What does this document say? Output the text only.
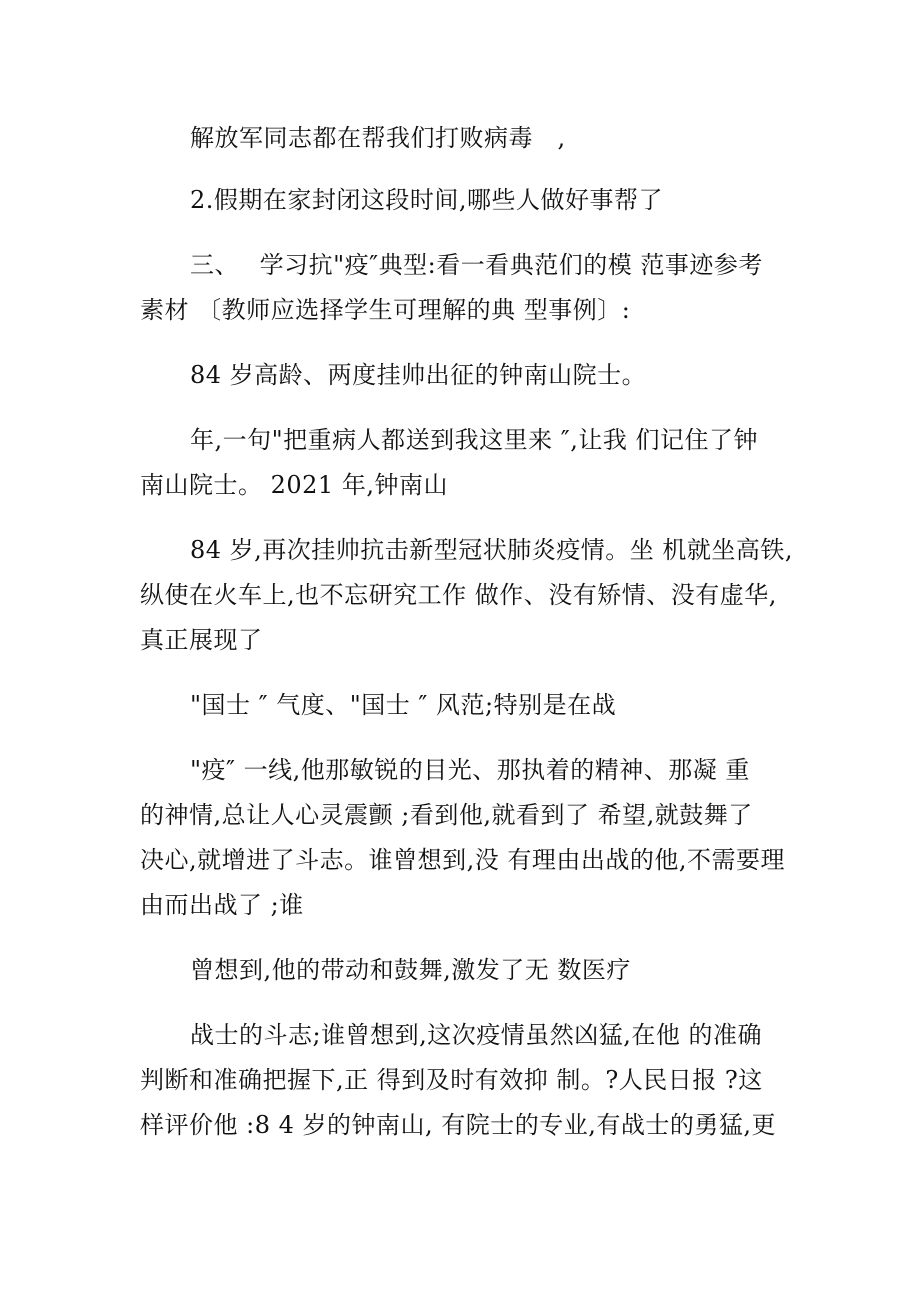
解放军同志都在帮我们打败病毒　,
2.假期在家封闭这段时间,哪些人做好事帮了
三、　 学习抗"疫″典型:看一看典范们的模 范事迹参考
素材 〔教师应选择学生可理解的典 型事例〕:
84 岁高龄、两度挂帅出征的钟南山院士。
年,一句"把重病人都送到我这里来 ″,让我 们记住了钟
南山院士。 2021 年,钟南山
84 岁,再次挂帅抗击新型冠状肺炎疫情。坐 机就坐高铁,
纵使在火车上,也不忘研究工作 做作、没有矫情、没有虚华,
真正展现了
"国士 ″ 气度、"国士 ″ 风范;特别是在战
"疫″ 一线,他那敏锐的目光、那执着的精神、那凝 重
的神情,总让人心灵震颤 ;看到他,就看到了 希望,就鼓舞了
决心,就增进了斗志。谁曾想到,没 有理由出战的他,不需要理
由而出战了 ;谁
曾想到,他的带动和鼓舞,激发了无 数医疗
战士的斗志;谁曾想到,这次疫情虽然凶猛,在他 的准确
判断和准确把握下,正 得到及时有效抑 制。?人民日报 ?这
样评价他 :8 4 岁的钟南山, 有院士的专业,有战士的勇猛,更
